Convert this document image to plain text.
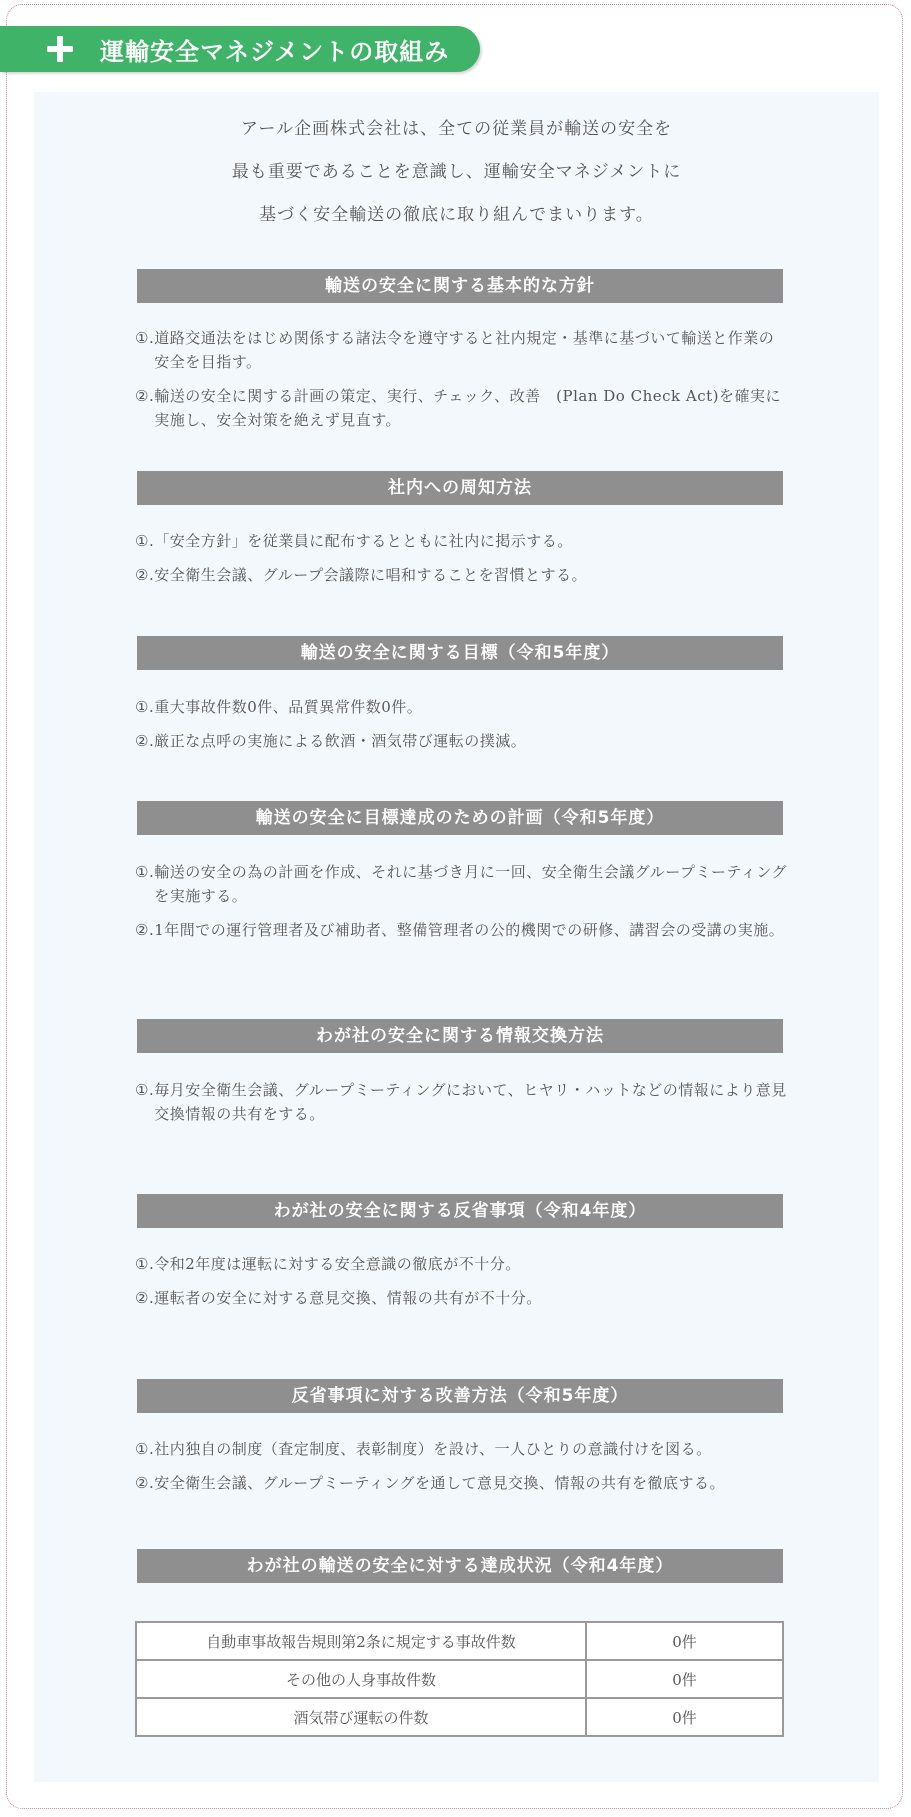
運輸安全マネジメントの取組み
アール企画株式会社は、全ての従業員が輸送の安全を
最も重要であることを意識し、運輸安全マネジメントに
基づく安全輸送の徹底に取り組んでまいります。
輸送の安全に関する基本的な方針
①. 道路交通法をはじめ関係する諸法令を遵守すると社内規定・基準に基づいて輸送と作業の安全を目指す。
②. 輸送の安全に関する計画の策定、実行、チェック、改善　(Plan Do Check Act)を確実に実施し、安全対策を絶えず見直す。
社内への周知方法
①. 「安全方針」を従業員に配布するとともに社内に掲示する。
②. 安全衛生会議、グループ会議際に唱和することを習慣とする。
輸送の安全に関する目標（令和5年度）
①. 重大事故件数0件、品質異常件数0件。
②. 厳正な点呼の実施による飲酒・酒気帯び運転の撲滅。
輸送の安全に目標達成のための計画（令和5年度）
①. 輸送の安全の為の計画を作成、それに基づき月に一回、安全衛生会議グループミーティングを実施する。
②. 1年間での運行管理者及び補助者、整備管理者の公的機関での研修、講習会の受講の実施。
わが社の安全に関する情報交換方法
①. 毎月安全衛生会議、グループミーティングにおいて、ヒヤリ・ハットなどの情報により意見交換情報の共有をする。
わが社の安全に関する反省事項（令和4年度）
①. 令和2年度は運転に対する安全意識の徹底が不十分。
②. 運転者の安全に対する意見交換、情報の共有が不十分。
反省事項に対する改善方法（令和5年度）
①. 社内独自の制度（査定制度、表彰制度）を設け、一人ひとりの意識付けを図る。
②. 安全衛生会議、グループミーティングを通して意見交換、情報の共有を徹底する。
わが社の輸送の安全に対する達成状況（令和4年度）
自動車事故報告規則第2条に規定する事故件数	0件
その他の人身事故件数	0件
酒気帯び運転の件数	0件
